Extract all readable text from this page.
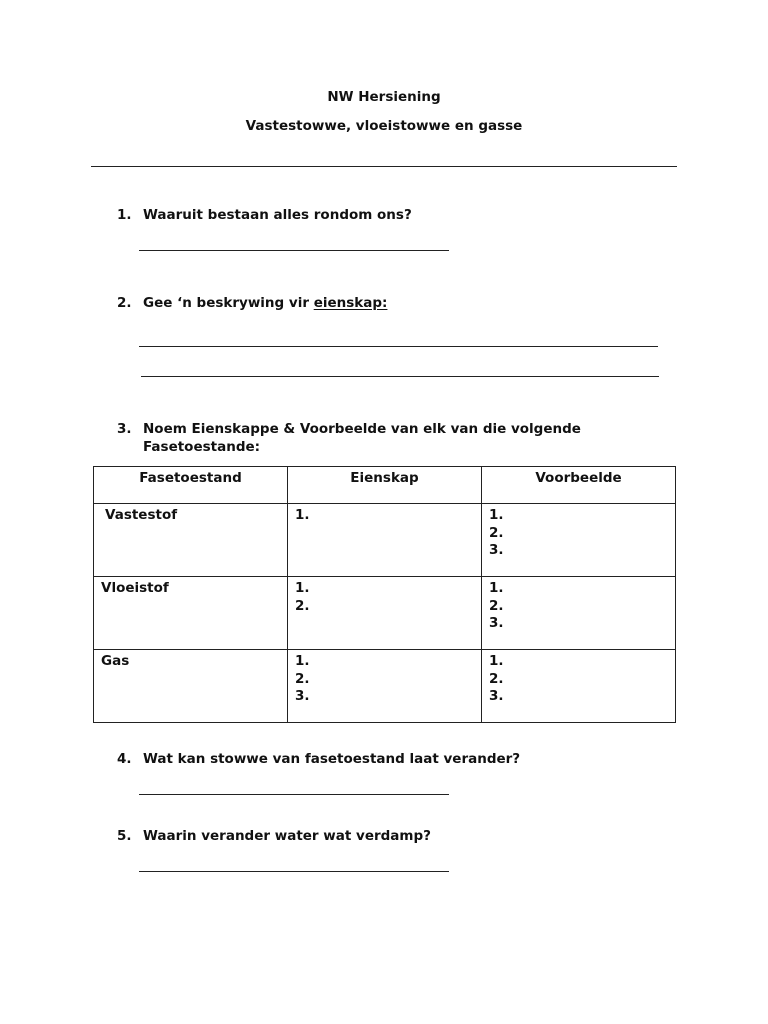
NW Hersiening
Vastestowwe, vloeistowwe en gasse
1. Waaruit bestaan alles rondom ons?
2. Gee ‘n beskrywing vir eienskap:
3. Noem Eienskappe & Voorbeelde van elk van die volgende
Fasetoestande:
Fasetoestand	Eienskap	Voorbeelde

Vastestof	1.	1.
2.
3.

Vloeistof	1.
2.	1.
2.
3.

Gas	1.
2.
3.	1.
2.
3.
4. Wat kan stowwe van fasetoestand laat verander?
5. Waarin verander water wat verdamp?
